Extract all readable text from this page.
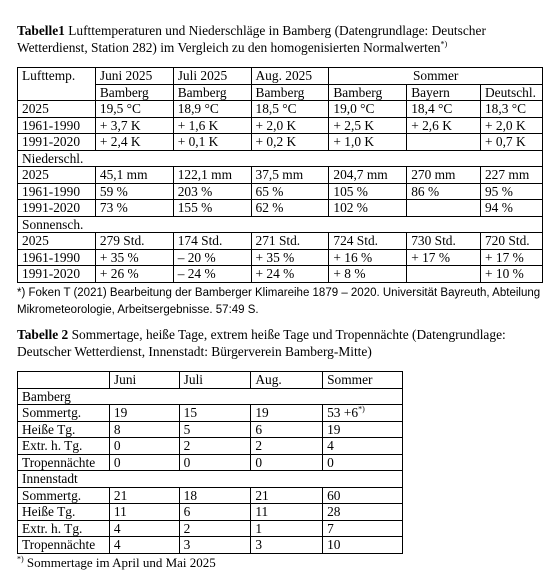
Tabelle1 Lufttemperaturen und Niederschläge in Bamberg (Datengrundlage: Deutscher Wetterdienst, Station 282) im Vergleich zu den homogenisierten Normalwerten*)

Lufttemp.	Juni 2025	Juli 2025	Aug. 2025	Sommer		
	Bamberg	Bamberg	Bamberg	Bamberg	Bayern	Deutschl.
2025	19,5 °C	18,9 °C	18,5 °C	19,0 °C	18,4 °C	18,3 °C
1961-1990	+ 3,7 K	+ 1,6 K	+ 2,0 K	+ 2,5 K	+ 2,6 K	+ 2,0 K
1991-2020	+ 2,4 K	+ 0,1 K	+ 0,2 K	+ 1,0 K		+ 0,7 K
Niederschl.						
2025	45,1 mm	122,1 mm	37,5 mm	204,7 mm	270 mm	227 mm
1961-1990	59 %	203 %	65 %	105 %	86 %	95 %
1991-2020	73 %	155 %	62 %	102 %		94 %
Sonnensch.						
2025	279 Std.	174 Std.	271 Std.	724 Std.	730 Std.	720 Std.
1961-1990	+ 35 %	– 20 %	+ 35 %	+ 16 %	+ 17 %	+ 17 %
1991-2020	+ 26 %	– 24 %	+ 24 %	+ 8 %		+ 10 %

*) Foken T (2021) Bearbeitung der Bamberger Klimareihe 1879 – 2020. Universität Bayreuth, Abteilung Mikrometeorologie, Arbeitsergebnisse. 57:49 S.

Tabelle 2 Sommertage, heiße Tage, extrem heiße Tage und Tropennächte (Datengrundlage: Deutscher Wetterdienst, Innenstadt: Bürgerverein Bamberg-Mitte)

	Juni	Juli	Aug.	Sommer
Bamberg				
Sommertg.	19	15	19	53 +6*)
Heiße Tg.	8	5	6	19
Extr. h. Tg.	0	2	2	4
Tropennächte	0	0	0	0
Innenstadt				
Sommertg.	21	18	21	60
Heiße Tg.	11	6	11	28
Extr. h. Tg.	4	2	1	7
Tropennächte	4	3	3	10

*) Sommertage im April und Mai 2025
